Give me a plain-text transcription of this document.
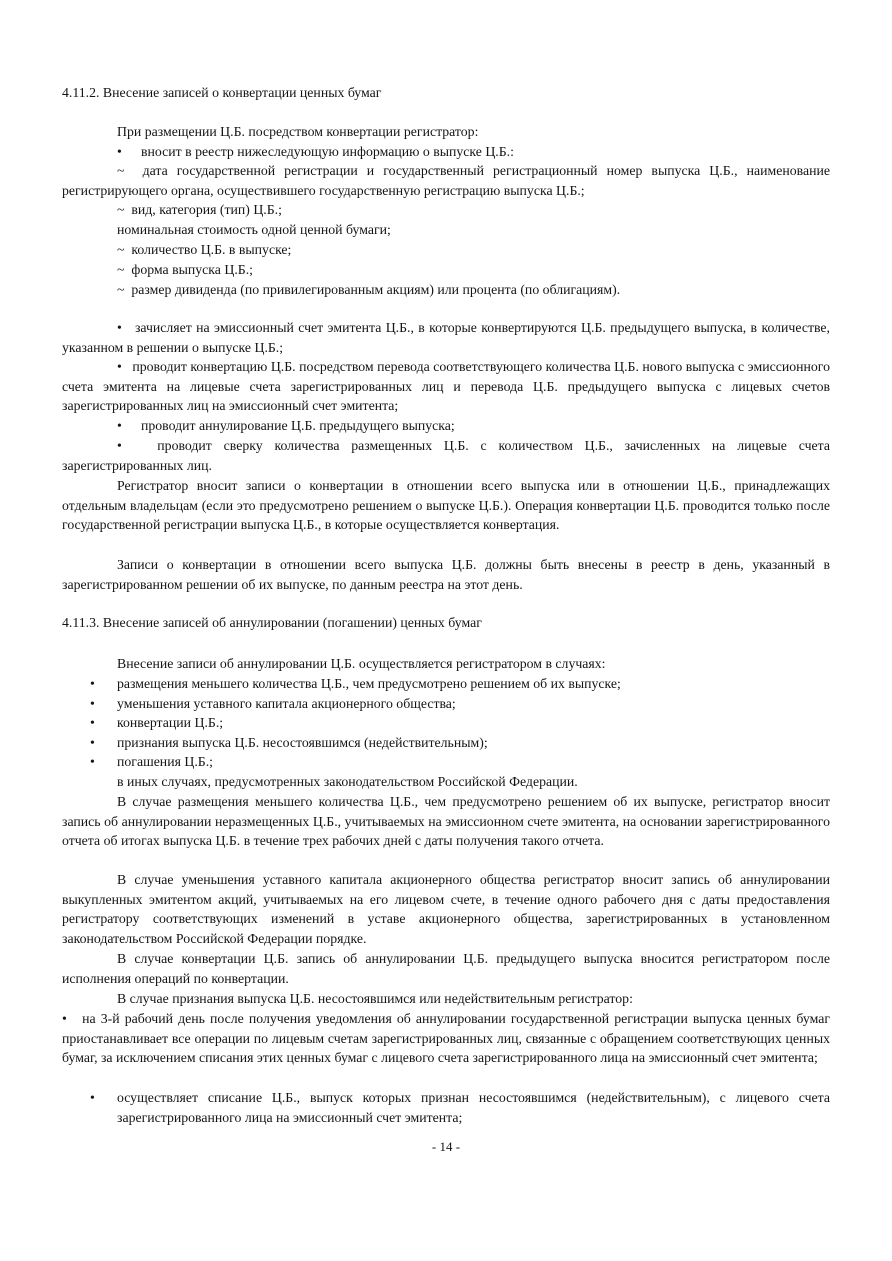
4.11.2. Внесение записей о конвертации ценных бумаг

При размещении Ц.Б. посредством конвертации регистратор:

• вносит в реестр нижеследующую информацию о выпуске Ц.Б.:

~  дата государственной регистрации и государственный регистрационный номер выпуска Ц.Б., наименование регистрирующего органа, осуществившего государственную регистрацию выпуска Ц.Б.;

~  вид, категория (тип) Ц.Б.;

номинальная стоимость одной ценной бумаги;

~  количество Ц.Б. в выпуске;

~  форма выпуска Ц.Б.;

~  размер дивиденда (по привилегированным акциям) или процента (по облигациям).

•   зачисляет на эмиссионный счет эмитента Ц.Б., в которые конвертируются Ц.Б. предыдущего выпуска, в количестве, указанном в решении о выпуске Ц.Б.;

•   проводит конвертацию Ц.Б. посредством перевода соответствующего количества Ц.Б. нового выпуска с эмиссионного счета эмитента на лицевые счета зарегистрированных лиц и перевода Ц.Б. предыдущего выпуска с лицевых счетов зарегистрированных лиц на эмиссионный счет эмитента;

• проводит аннулирование Ц.Б. предыдущего выпуска;

•   проводит сверку количества размещенных Ц.Б. с количеством Ц.Б., зачисленных на лицевые счета зарегистрированных лиц.

Регистратор вносит записи о конвертации в отношении всего выпуска или в отношении Ц.Б., принадлежащих отдельным владельцам (если это предусмотрено решением о выпуске Ц.Б.). Операция конвертации Ц.Б. проводится только после государственной регистрации выпуска Ц.Б., в которые осуществляется конвертация.

Записи о конвертации в отношении всего выпуска Ц.Б. должны быть внесены в реестр в день, указанный в зарегистрированном решении об их выпуске, по данным реестра на этот день.

4.11.3. Внесение записей об аннулировании (погашении) ценных бумаг

Внесение записи об аннулировании Ц.Б. осуществляется регистратором в случаях:

• размещения меньшего количества Ц.Б., чем предусмотрено решением об их выпуске;
• уменьшения уставного капитала акционерного общества;
• конвертации Ц.Б.;
• признания выпуска Ц.Б. несостоявшимся (недействительным);
• погашения Ц.Б.;

в иных случаях, предусмотренных законодательством Российской Федерации.

В случае размещения меньшего количества Ц.Б., чем предусмотрено решением об их выпуске, регистратор вносит запись об аннулировании неразмещенных Ц.Б., учитываемых на эмиссионном счете эмитента, на основании зарегистрированного отчета об итогах выпуска Ц.Б. в течение трех рабочих дней с даты получения такого отчета.

В случае уменьшения уставного капитала акционерного общества регистратор вносит запись об аннулировании выкупленных эмитентом акций, учитываемых на его лицевом счете, в течение одного рабочего дня с даты предоставления регистратору соответствующих изменений в уставе акционерного общества, зарегистрированных в установленном законодательством Российской Федерации порядке.

В случае конвертации Ц.Б. запись об аннулировании Ц.Б. предыдущего выпуска вносится регистратором после исполнения операций по конвертации.

В случае признания выпуска Ц.Б. несостоявшимся или недействительным регистратор:

•   на 3-й рабочий день после получения уведомления об аннулировании государственной регистрации выпуска ценных бумаг приостанавливает все операции по лицевым счетам зарегистрированных лиц, связанные с обращением соответствующих ценных бумаг, за исключением списания этих ценных бумаг с лицевого счета зарегистрированного лица на эмиссионный счет эмитента;

• осуществляет списание Ц.Б., выпуск которых признан несостоявшимся (недействительным), с лицевого счета зарегистрированного лица на эмиссионный счет эмитента;
- 14 -
